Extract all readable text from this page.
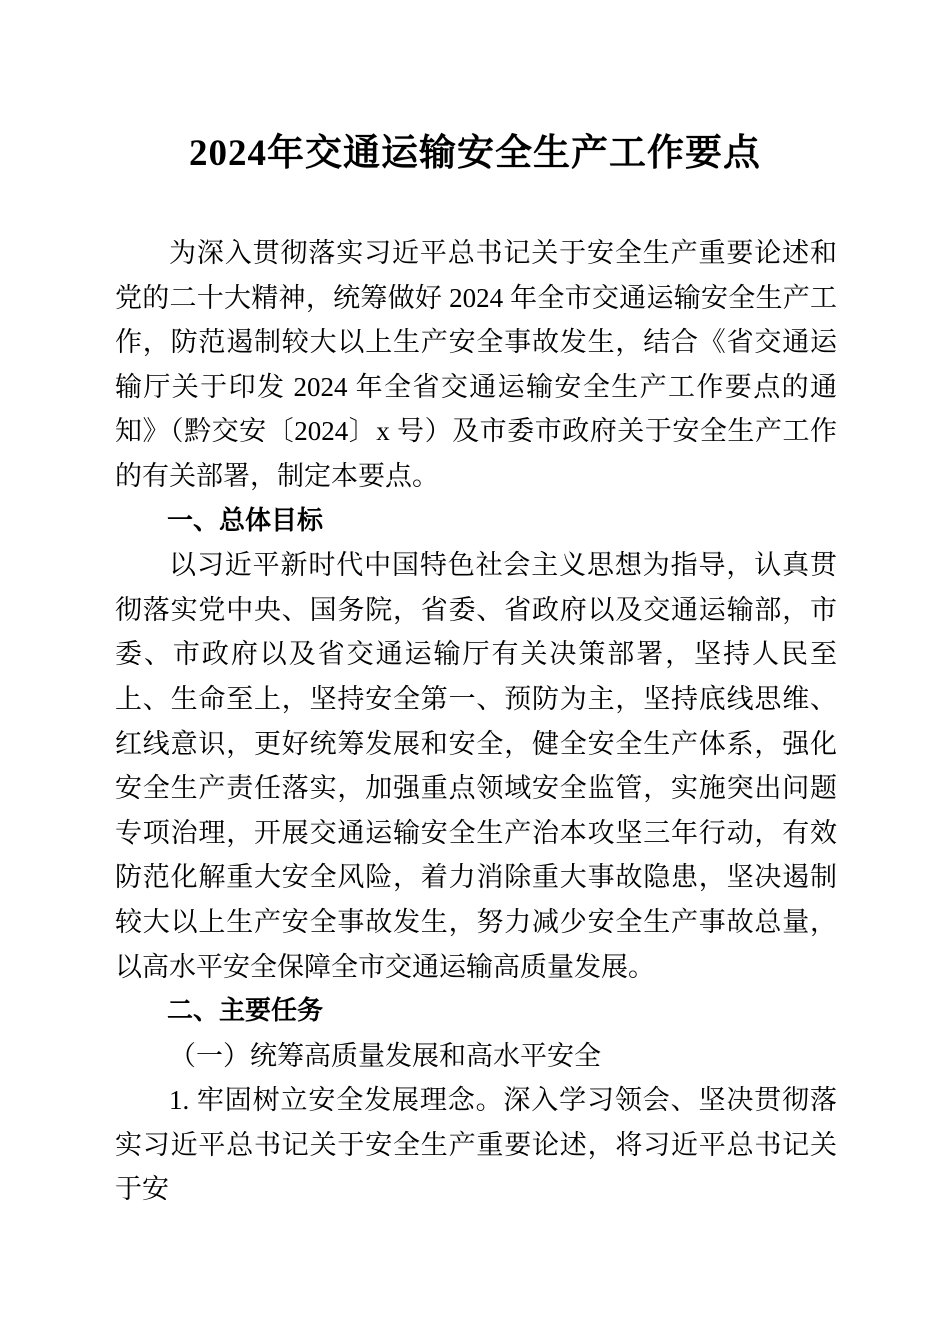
2024年交通运输安全生产工作要点

为深入贯彻落实习近平总书记关于安全生产重要论述和党的二十大精神，统筹做好 2024 年全市交通运输安全生产工作，防范遏制较大以上生产安全事故发生，结合《省交通运输厅关于印发 2024 年全省交通运输安全生产工作要点的通知》（黔交安〔2024〕x 号）及市委市政府关于安全生产工作的有关部署，制定本要点。

一、总体目标

以习近平新时代中国特色社会主义思想为指导，认真贯彻落实党中央、国务院，省委、省政府以及交通运输部，市委、市政府以及省交通运输厅有关决策部署，坚持人民至上、生命至上，坚持安全第一、预防为主，坚持底线思维、红线意识，更好统筹发展和安全，健全安全生产体系，强化安全生产责任落实，加强重点领域安全监管，实施突出问题专项治理，开展交通运输安全生产治本攻坚三年行动，有效防范化解重大安全风险，着力消除重大事故隐患，坚决遏制较大以上生产安全事故发生，努力减少安全生产事故总量，以高水平安全保障全市交通运输高质量发展。

二、主要任务

（一）统筹高质量发展和高水平安全

1. 牢固树立安全发展理念。深入学习领会、坚决贯彻落实习近平总书记关于安全生产重要论述，将习近平总书记关于安
